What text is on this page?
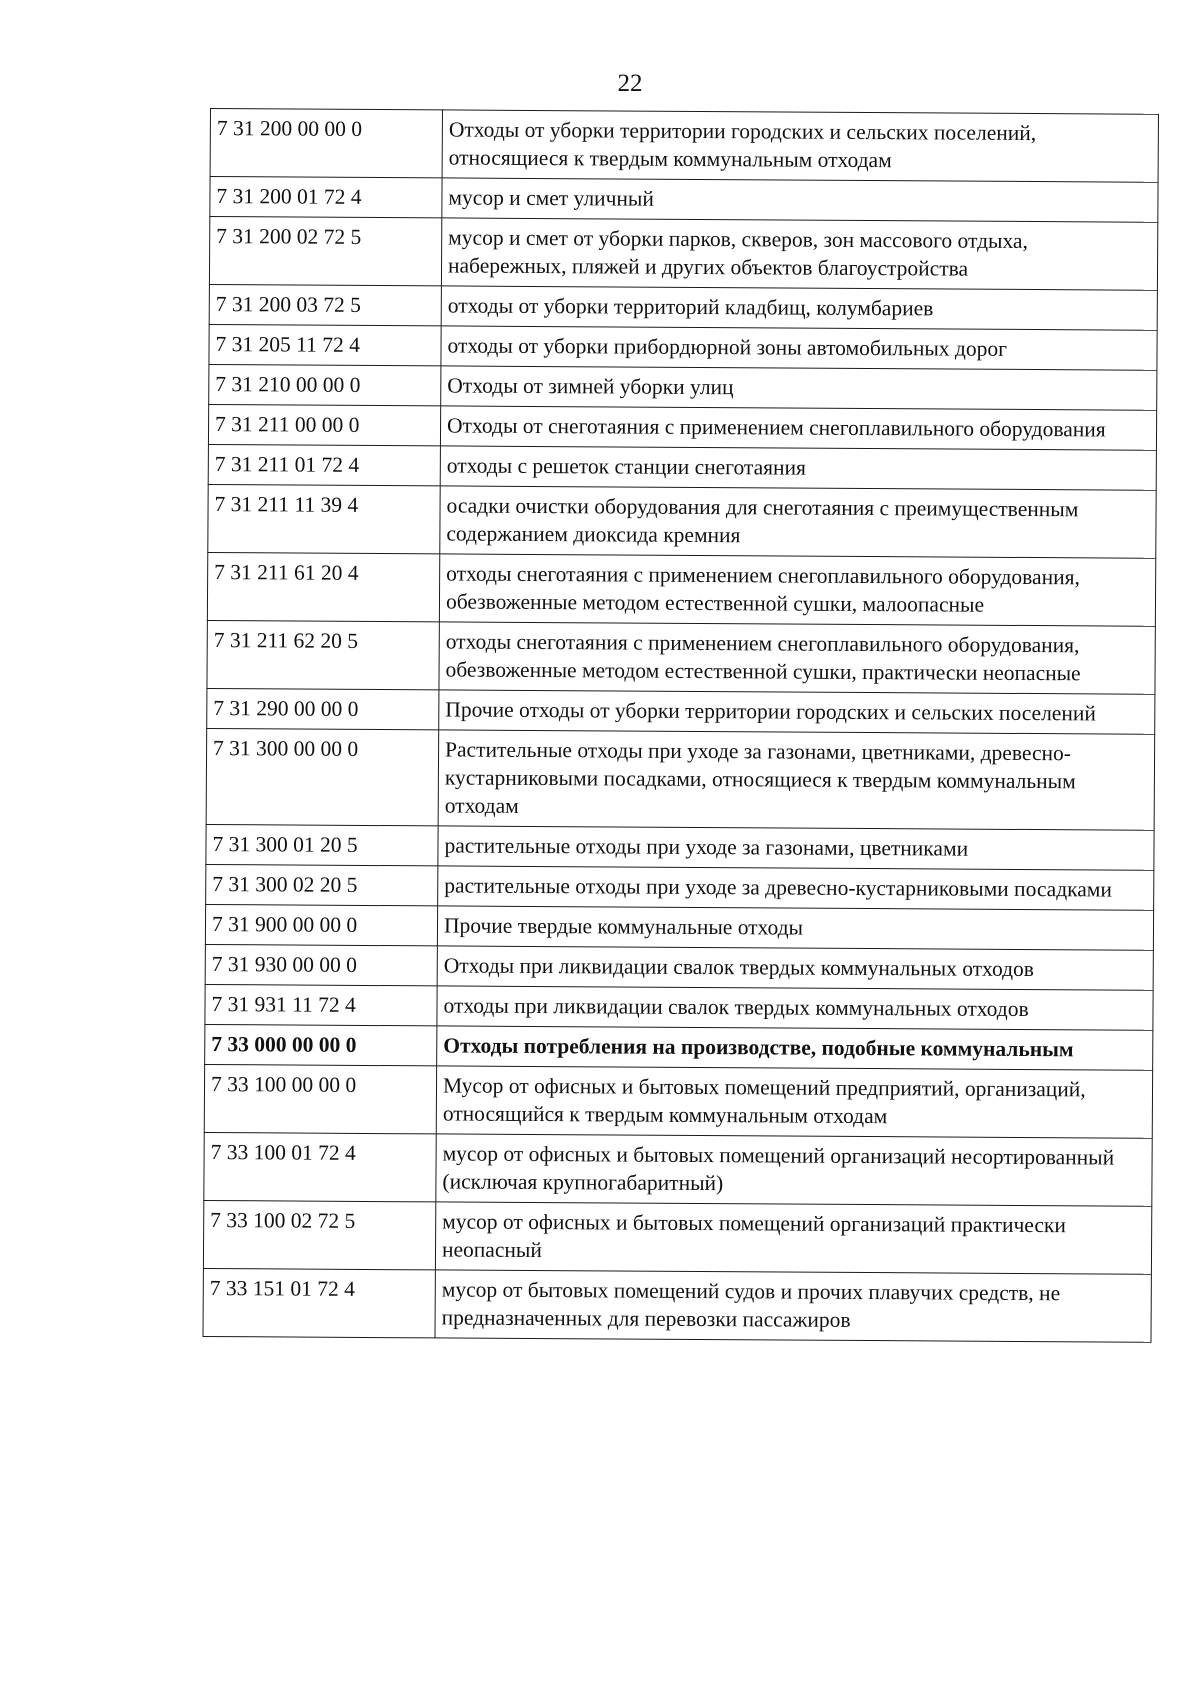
22
7 31 200 00 00 0	Отходы от уборки территории городских и сельских поселений, относящиеся к твердым коммунальным отходам
7 31 200 01 72 4	мусор и смет уличный
7 31 200 02 72 5	мусор и смет от уборки парков, скверов, зон массового отдыха, набережных, пляжей и других объектов благоустройства
7 31 200 03 72 5	отходы от уборки территорий кладбищ, колумбариев
7 31 205 11 72 4	отходы от уборки прибордюрной зоны автомобильных дорог
7 31 210 00 00 0	Отходы от зимней уборки улиц
7 31 211 00 00 0	Отходы от снеготаяния с применением снегоплавильного оборудования
7 31 211 01 72 4	отходы с решеток станции снеготаяния
7 31 211 11 39 4	осадки очистки оборудования для снеготаяния с преимущественным содержанием диоксида кремния
7 31 211 61 20 4	отходы снеготаяния с применением снегоплавильного оборудования, обезвоженные методом естественной сушки, малоопасные
7 31 211 62 20 5	отходы снеготаяния с применением снегоплавильного оборудования, обезвоженные методом естественной сушки, практически неопасные
7 31 290 00 00 0	Прочие отходы от уборки территории городских и сельских поселений
7 31 300 00 00 0	Растительные отходы при уходе за газонами, цветниками, древесно-кустарниковыми посадками, относящиеся к твердым коммунальным отходам
7 31 300 01 20 5	растительные отходы при уходе за газонами, цветниками
7 31 300 02 20 5	растительные отходы при уходе за древесно-кустарниковыми посадками
7 31 900 00 00 0	Прочие твердые коммунальные отходы
7 31 930 00 00 0	Отходы при ликвидации свалок твердых коммунальных отходов
7 31 931 11 72 4	отходы при ликвидации свалок твердых коммунальных отходов
7 33 000 00 00 0	Отходы потребления на производстве, подобные коммунальным
7 33 100 00 00 0	Мусор от офисных и бытовых помещений предприятий, организаций, относящийся к твердым коммунальным отходам
7 33 100 01 72 4	мусор от офисных и бытовых помещений организаций несортированный (исключая крупногабаритный)
7 33 100 02 72 5	мусор от офисных и бытовых помещений организаций практически неопасный
7 33 151 01 72 4	мусор от бытовых помещений судов и прочих плавучих средств, не предназначенных для перевозки пассажиров
